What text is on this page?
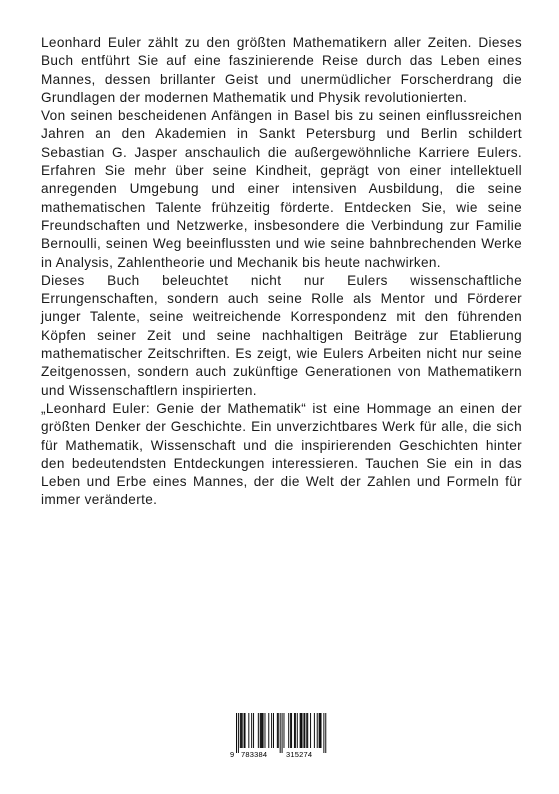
Leonhard Euler zählt zu den größten Mathematikern aller Zeiten. Dieses Buch entführt Sie auf eine faszinierende Reise durch das Leben eines Mannes, dessen brillanter Geist und unermüdlicher Forscherdrang die Grundlagen der modernen Mathematik und Physik revolutionierten.

Von seinen bescheidenen Anfängen in Basel bis zu seinen einflussreichen Jahren an den Akademien in Sankt Petersburg und Berlin schildert Sebastian G. Jasper anschaulich die außergewöhnliche Karriere Eulers. Erfahren Sie mehr über seine Kindheit, geprägt von einer intellektuell anregenden Umgebung und einer intensiven Ausbildung, die seine mathematischen Talente frühzeitig förderte. Entdecken Sie, wie seine Freundschaften und Netzwerke, insbesondere die Verbindung zur Familie Bernoulli, seinen Weg beeinflussten und wie seine bahnbrechenden Werke in Analysis, Zahlentheorie und Mechanik bis heute nachwirken.

Dieses Buch beleuchtet nicht nur Eulers wissenschaftliche Errungenschaften, sondern auch seine Rolle als Mentor und Förderer junger Talente, seine weitreichende Korrespondenz mit den führenden Köpfen seiner Zeit und seine nachhaltigen Beiträge zur Etablierung mathematischer Zeitschriften. Es zeigt, wie Eulers Arbeiten nicht nur seine Zeitgenossen, sondern auch zukünftige Generationen von Mathematikern und Wissenschaftlern inspirierten.

„Leonhard Euler: Genie der Mathematik“ ist eine Hommage an einen der größten Denker der Geschichte. Ein unverzichtbares Werk für alle, die sich für Mathematik, Wissenschaft und die inspirierenden Geschichten hinter den bedeutendsten Entdeckungen interessieren. Tauchen Sie ein in das Leben und Erbe eines Mannes, der die Welt der Zahlen und Formeln für immer veränderte.

9 783384	315274
